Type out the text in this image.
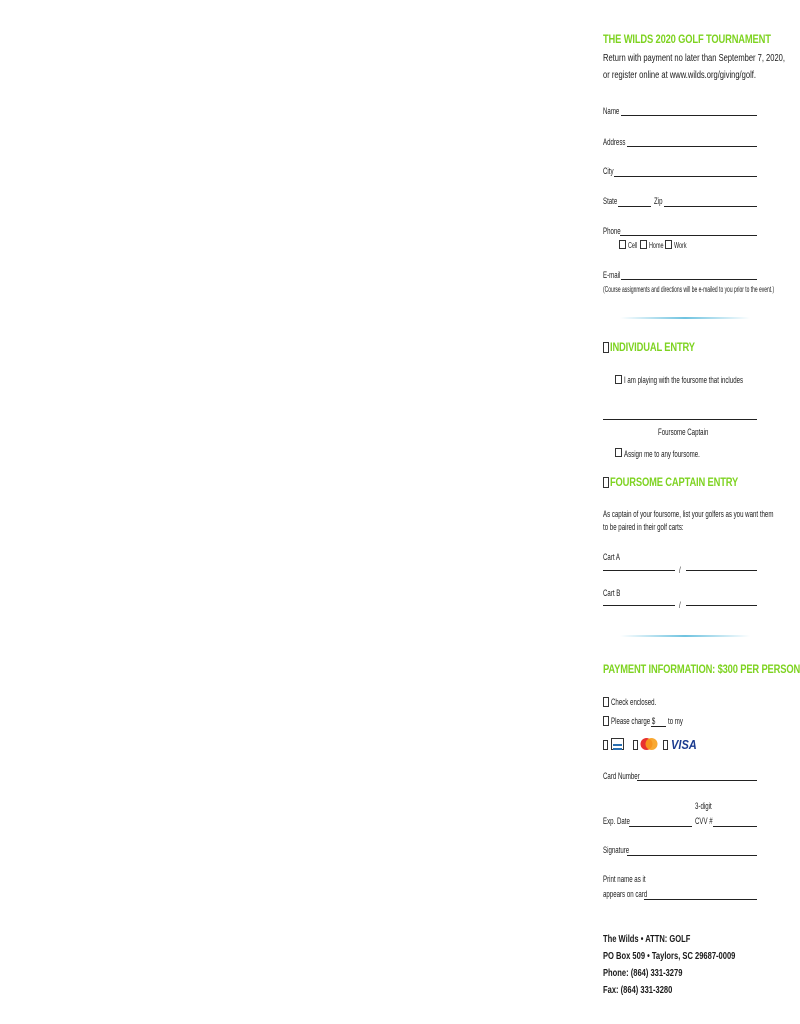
THE WILDS 2020 GOLF TOURNAMENT
Return with payment no later than September 7, 2020,
or register online at www.wilds.org/giving/golf.
Name
Address
City
State	Zip
Phone
Cell Home Work
E-mail
(Course assignments and directions will be e-mailed to you prior to the event.)
INDIVIDUAL ENTRY
I am playing with the foursome that includes
Foursome Captain
Assign me to any foursome.
FOURSOME CAPTAIN ENTRY
As captain of your foursome, list your golfers as you want them
to be paired in their golf carts:
Cart A
/
Cart B
/
PAYMENT INFORMATION: $300 PER PERSON
Check enclosed.
Please charge $ to my
VISA
Card Number
3-digit
Exp. Date	CVV #
Signature
Print name as it
appears on card
The Wilds • ATTN: GOLF
PO Box 509 • Taylors, SC 29687-0009
Phone: (864) 331-3279
Fax: (864) 331-3280
